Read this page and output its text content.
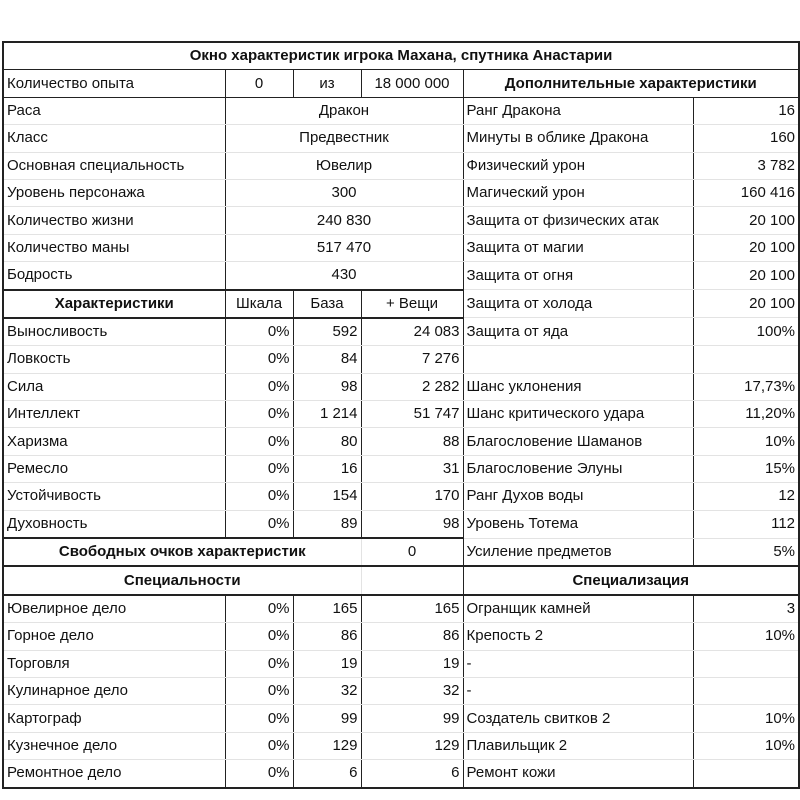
Окно характеристик игрока Махана, спутника Анастарии					
Количество опыта	0	из	18 000 000	Дополнительные характеристики	
Раса	Дракон			Ранг Дракона	16
Класс	Предвестник			Минуты в облике Дракона	160
Основная специальность	Ювелир			Физический урон	3 782
Уровень персонажа	300			Магический урон	160 416
Количество жизни	240 830			Защита от физических атак	20 100
Количество маны	517 470			Защита от магии	20 100
Бодрость	430			Защита от огня	20 100
Характеристики	Шкала	База	+ Вещи	Защита от холода	20 100
Выносливость	0%	592	24 083	Защита от яда	100%
Ловкость	0%	84	7 276		
Сила	0%	98	2 282	Шанс уклонения	17,73%
Интеллект	0%	1 214	51 747	Шанс критического удара	11,20%
Харизма	0%	80	88	Благословение Шаманов	10%
Ремесло	0%	16	31	Благословение Элуны	15%
Устойчивость	0%	154	170	Ранг Духов воды	12
Духовность	0%	89	98	Уровень Тотема	112
Свободных очков характеристик			0	Усиление предметов	5%
Специальности				Специализация	
Ювелирное дело	0%	165	165	Огранщик камней	3
Горное дело	0%	86	86	Крепость 2	10%
Торговля	0%	19	19	-	
Кулинарное дело	0%	32	32	-	
Картограф	0%	99	99	Создатель свитков 2	10%
Кузнечное дело	0%	129	129	Плавильщик 2	10%
Ремонтное дело	0%	6	6	Ремонт кожи	
